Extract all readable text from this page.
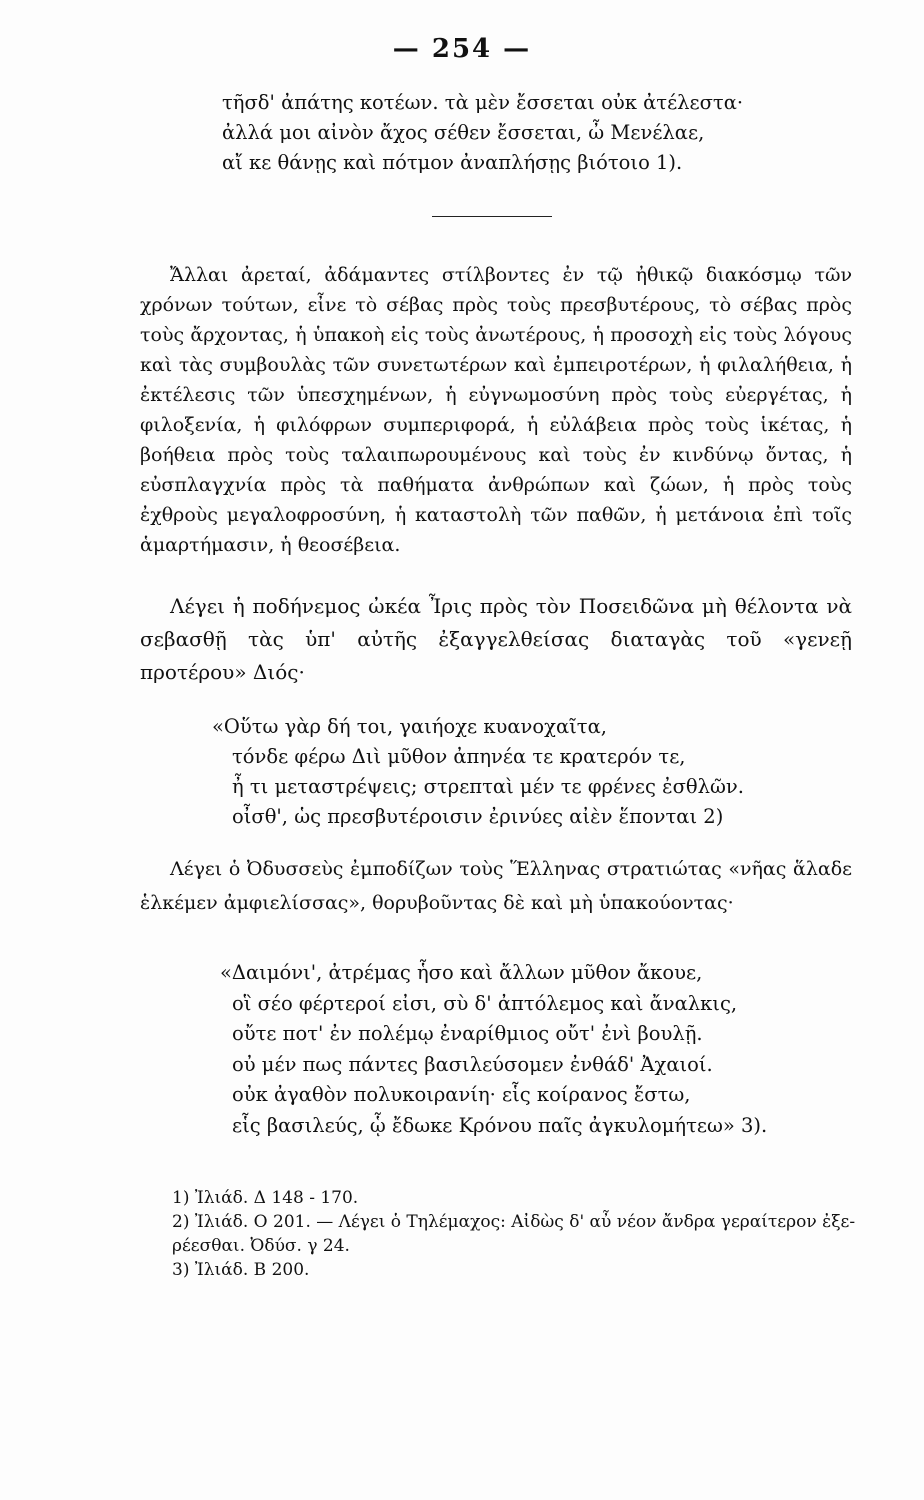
— 254 —
τῆσδ' ἀπάτης κοτέων. τὰ μὲν ἔσσεται οὐκ ἀτέλεστα·
ἀλλά μοι αἰνὸν ἄχος σέθεν ἔσσεται, ὦ Μενέλαε,
αἴ κε θάνῃς καὶ πότμον ἀναπλήσῃς βιότοιο 1).

Ἄλλαι ἀρεταί, ἀδάμαντες στίλβοντες ἐν τῷ ἠθικῷ διακόσμῳ τῶν χρόνων τούτων, εἶνε τὸ σέβας πρὸς τοὺς πρεσβυτέρους, τὸ σέβας πρὸς τοὺς ἄρχοντας, ἡ ὑπακοὴ εἰς τοὺς ἀνωτέρους, ἡ προσοχὴ εἰς τοὺς λόγους καὶ τὰς συμβουλὰς τῶν συνετωτέρων καὶ ἐμπειροτέρων, ἡ φιλαλήθεια, ἡ ἐκτέλεσις τῶν ὑπεσχημένων, ἡ εὐγνωμοσύνη πρὸς τοὺς εὐεργέτας, ἡ φιλοξενία, ἡ φιλόφρων συμπεριφορά, ἡ εὐλάβεια πρὸς τοὺς ἱκέτας, ἡ βοήθεια πρὸς τοὺς ταλαιπωρουμένους καὶ τοὺς ἐν κινδύνῳ ὄντας, ἡ εὐσπλαγχνία πρὸς τὰ παθήματα ἀνθρώπων καὶ ζώων, ἡ πρὸς τοὺς ἐχθροὺς μεγαλοφροσύνη, ἡ καταστολὴ τῶν παθῶν, ἡ μετάνοια ἐπὶ τοῖς ἁμαρτήμασιν, ἡ θεοσέβεια.

Λέγει ἡ ποδήνεμος ὠκέα Ἶρις πρὸς τὸν Ποσειδῶνα μὴ θέλοντα νὰ σεβασθῇ τὰς ὑπ' αὐτῆς ἐξαγγελθείσας διαταγὰς τοῦ «γενεῇ προτέρου» Διός·

«Οὕτω γὰρ δή τοι, γαιήοχε κυανοχαῖτα,
τόνδε φέρω Διὶ μῦθον ἀπηνέα τε κρατερόν τε,
ἦ τι μεταστρέψεις; στρεπταὶ μέν τε φρένες ἐσθλῶν.
οἶσθ', ὡς πρεσβυτέροισιν ἐρινύες αἰὲν ἕπονται 2)

Λέγει ὁ Ὀδυσσεὺς ἐμποδίζων τοὺς Ἕλληνας στρατιώτας «νῆας ἅλαδε ἑλκέμεν ἀμφιελίσσας», θορυβοῦντας δὲ καὶ μὴ ὑπακούοντας·

«Δαιμόνι', ἀτρέμας ἧσο καὶ ἄλλων μῦθον ἄκουε,
οἳ σέο φέρτεροί εἰσι, σὺ δ' ἀπτόλεμος καὶ ἄναλκις,
οὔτε ποτ' ἐν πολέμῳ ἐναρίθμιος οὔτ' ἐνὶ βουλῇ.
οὐ μέν πως πάντες βασιλεύσομεν ἐνθάδ' Ἀχαιοί.
οὐκ ἀγαθὸν πολυκοιρανίη· εἷς κοίρανος ἔστω,
εἷς βασιλεύς, ᾧ ἔδωκε Κρόνου παῖς ἀγκυλομήτεω» 3).
1) Ἰλιάδ. Δ 148 - 170.
2) Ἰλιάδ. Ο 201. — Λέγει ὁ Τηλέμαχος: Αἰδὼς δ' αὖ νέον ἄνδρα γεραίτερον ἐξε-
ρέεσθαι. Ὀδύσ. γ 24.
3) Ἰλιάδ. Β 200.
